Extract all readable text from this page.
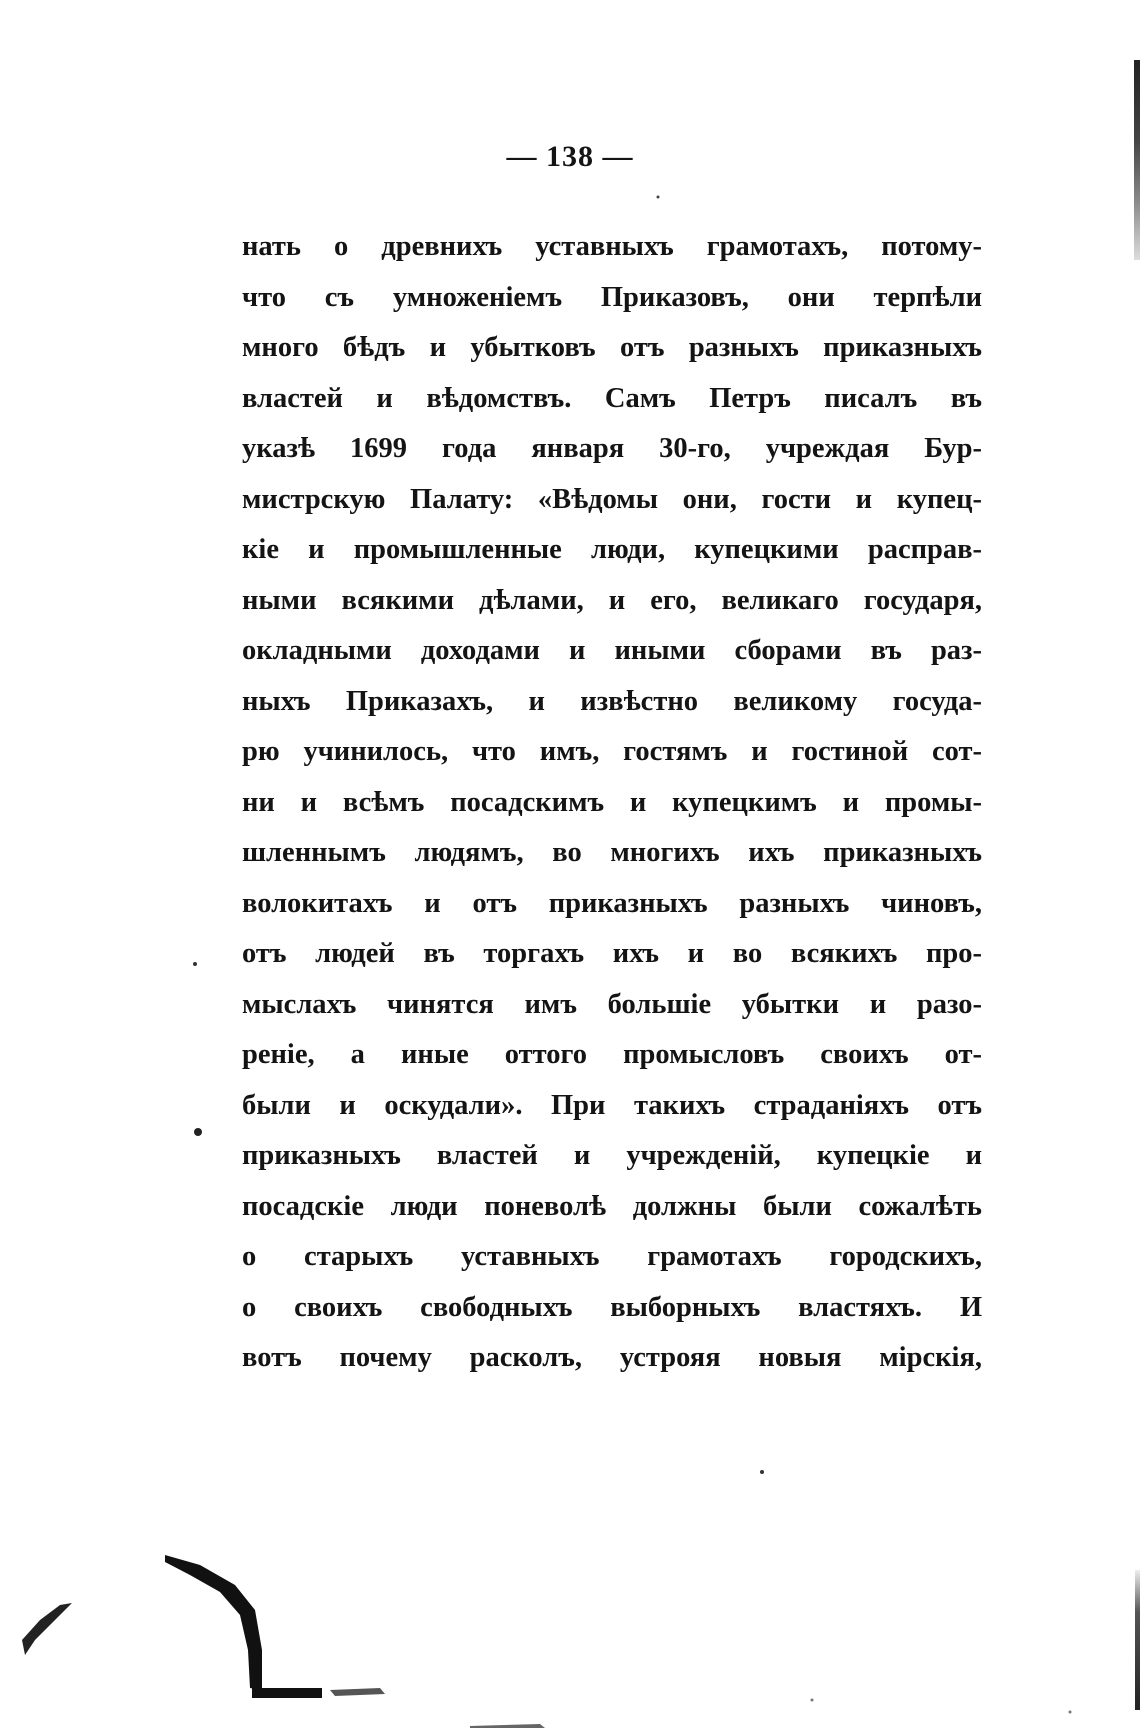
— 138 —
нать о древнихъ уставныхъ грамотахъ, потому-
что съ умноженіемъ Приказовъ, они терпѣли
много бѣдъ и убытковъ отъ разныхъ приказныхъ
властей и вѣдомствъ. Самъ Петръ писалъ въ
указѣ 1699 года января 30-го, учреждая Бур-
мистрскую Палату: «Вѣдомы они, гости и купец-
кіе и промышленные люди, купецкими расправ-
ными всякими дѣлами, и его, великаго государя,
окладными доходами и иными сборами въ раз-
ныхъ Приказахъ, и извѣстно великому госуда-
рю учинилось, что имъ, гостямъ и гостиной сот-
ни и всѣмъ посадскимъ и купецкимъ и промы-
шленнымъ людямъ, во многихъ ихъ приказныхъ
волокитахъ и отъ приказныхъ разныхъ чиновъ,
отъ людей въ торгахъ ихъ и во всякихъ про-
мыслахъ чинятся имъ большіе убытки и разо-
реніе, а иные оттого промысловъ своихъ от-
были и оскудали». При такихъ страданіяхъ отъ
приказныхъ властей и учрежденій, купецкіе и
посадскіе люди поневолѣ должны были сожалѣть
о старыхъ уставныхъ грамотахъ городскихъ,
о своихъ свободныхъ выборныхъ властяхъ. И
вотъ почему расколъ, устрояя новыя мірскія,
